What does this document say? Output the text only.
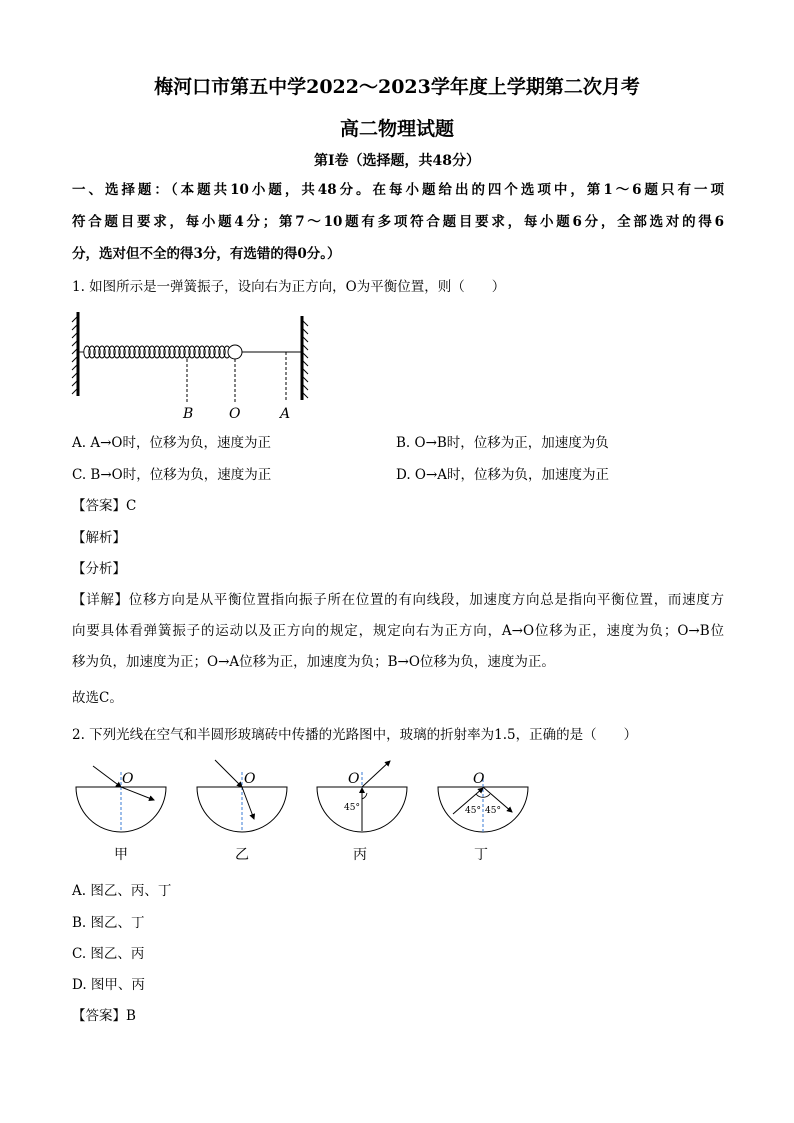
梅河口市第五中学2022～2023学年度上学期第二次月考
高二物理试题
第Ⅰ卷（选择题，共48分）
一、选择题：（本题共10小题，共48分。在每小题给出的四个选项中，第1～6题只有一项
符合题目要求，每小题4分；第7～10题有多项符合题目要求，每小题6分，全部选对的得6
分，选对但不全的得3分，有选错的得0分。）
1. 如图所示是一弹簧振子，设向右为正方向，O为平衡位置，则（　　）
B	O	A
A. A→O时，位移为负，速度为正	B. O→B时，位移为正，加速度为负
C. B→O时，位移为负，速度为正	D. O→A时，位移为负，加速度为正
【答案】C
【解析】
【分析】
【详解】位移方向是从平衡位置指向振子所在位置的有向线段，加速度方向总是指向平衡位置，而速度方
向要具体看弹簧振子的运动以及正方向的规定，规定向右为正方向，A→O位移为正，速度为负；O→B位
移为负，加速度为正；O→A位移为正，加速度为负；B→O位移为负，速度为正。
故选C。
2. 下列光线在空气和半圆形玻璃砖中传播的光路图中，玻璃的折射率为1.5，正确的是（　　）
O
甲
O
乙
O
45°
丙
O
45° 45°
丁
A. 图乙、丙、丁
B. 图乙、丁
C. 图乙、丙
D. 图甲、丙
【答案】B
